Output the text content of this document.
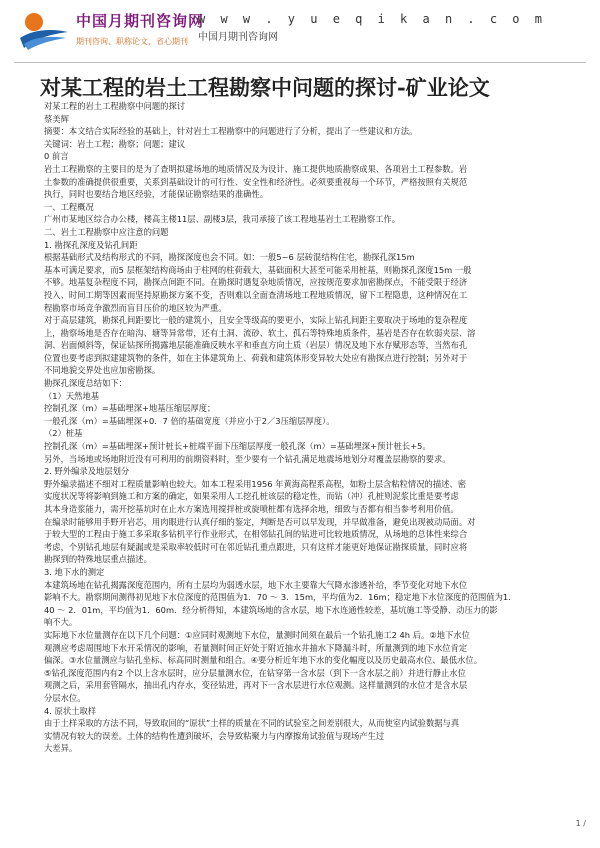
中国月期刊咨询网
期刊咨询、职称论文，省心期刊
w w w . y u e q i k a n . c o m
中国月期刊咨询网
对某工程的岩土工程勘察中问题的探讨-矿业论文

对某工程的岩土工程勘察中问题的探讨

蔡美辉

摘要：本文结合实际经验的基础上，针对岩土工程勘察中的问题进行了分析，提出了一些建议和方法。

关键词：岩土工程；勘察；问题；建议

0 前言

岩土工程勘察的主要目的是为了查明拟建场地的地质情况及为设计、施工提供地质勘察成果、各项岩土工程参数。岩

土参数的准确提供很重要，关系到基础设计的可行性、安全性和经济性。必须要重视每一个环节，严格按照有关规范

执行，同时也要结合地区经验，才能保证勘察结果的准确性。

一、工程概况

广州市某地区综合办公楼，楼高主楼11层、副楼3层，我司承接了该工程地基岩土工程勘察工作。

二、岩土工程勘察中应注意的问题

1. 勘探孔深度及钻孔间距

根据基础形式及结构形式的不同，勘探深度也会不同。如：一般5~6 层砖混结构住宅，勘探孔深15m

基本可满足要求，而5 层框架结构商场由于柱网的柱荷载大，基础面积大甚至可能采用桩基，则勘探孔深度15m 一般

不够。地基复杂程度不同，勘探点间距不同。在勘探时遇复杂地质情况，应按规范要求加密勘探点，不能受限于经济

投入、时间工期等因素而坚持原勘探方案不变，否则难以全面查清场地工程地质情况，留下工程隐患，这种情况在工

程勘察市场竞争激烈而盲目压价的地区较为严重。

对于高层建筑，勘探孔间距要比一般的建筑小，且安全等级高的要更小，实际上钻孔间距主要取决于场地的复杂程度

上，勘察场地是否存在暗沟、塘等异常带，还有土洞、流砂、软土、孤石等特殊地质条件，基岩是否存在软弱夹层、溶

洞、岩面倾斜等，保证钻探所揭露地层能准确反映水平和垂直方向土质（岩层）情况及地下水存赋形态等，当然布孔

位置也要考虑到拟建建筑物的条件，如在主体建筑角上、荷载和建筑体形变异较大处应有勘探点进行控制；另外对于

不同地貌交界处也应加密勘探。

勘探孔深度总结如下：

（1）天然地基

控制孔深（m）=基础埋深+地基压缩层厚度；

一般孔深（m）=基础埋深+0．7 倍的基础宽度（并应小于2／3压缩层厚度）。

（2）桩基

控制孔深（m）=基础埋深+预计桩长+桩端平面下压缩层厚度一般孔深（m）=基础埋深+预计桩长+5。

另外，当场地或场地附近没有可利用的前期资料时，至少要有一个钻孔满足地震场地划分对覆盖层勘察的要求。

2. 野外编录及地层划分

野外编录描述不细对工程质量影响也较大。如本工程采用1956 年黄海高程系高程，如粉土层含粘粒情况的描述、密

实度状况等将影响到施工和方案的确定，如果采用人工挖孔桩该层的稳定性，而钻（冲）孔桩则泥浆比重是要考虑

其本身造浆能力，需开挖基坑时在止水方案选用搅拌桩或旋喷桩都有选择余地，细致与否都有相当参考利用价值。

在编录时能够用手野开岩芯，用肉眼进行认真仔细的鉴定，判断是否可以早发现，并早做准备，避免出现被动局面。对

于较大型的工程由于施工多采取多钻机平行作业形式，在相邻钻孔间的钻进可比较地质情况，从场地的总体性来综合

考虑，个别钻孔地层有疑漏或是采取率较低时可在邻近钻孔重点跟进，只有这样才能更好地保证勘探质量，同时应将

勘探到的特殊地层重点描述。

3. 地下水的测定

本建筑场地在钻孔揭露深度范围内，所有土层均为弱透水层，地下水主要靠大气降水渗透补给，季节变化对地下水位

影响不大。勘察期间测得初见地下水位深度的范围值为1．70 ～ 3．15m，平均值为2．16m；稳定地下水位深度的范围值为1.

40 ～ 2．01m，平均值为1．60m．经分析得知，本建筑场地的含水层，地下水连通性较差，基坑施工等受静、动压力的影

响不大。

实际地下水位量测存在以下几个问题：①应同时观测地下水位，量测时间须在最后一个钻孔施工2 4h 后。②地下水位

观测应考虑周围地下水开采情况的影响，若量测时间正好处于附近抽水井抽水下降漏斗时，所量测到的地下水位肯定

偏深。③水位量测应与钻孔坐标、标高同时测量和组合。④要分析近年地下水的变化幅度以及历史最高水位、最低水位。

⑤钻孔深度范围内有2 个以上含水层时，应分层量测水位，在钻穿第一含水层（到下一含水层之前）并进行静止水位

观测之后，采用套管隔水，抽出孔内存水，变径钻进，再对下一含水层进行水位观测。这样量测到的水位才是含水层

分层水位。

4. 原状土取样

由于土样采取的方法不同，导致取回的“原状”土样的质量在不同的试验室之间差别很大，从而使室内试验数据与真

实情况有较大的误差。土体的结构性遭到破坏，会导致粘聚力与内摩擦角试验值与现场产生过

大差异。

1 /
